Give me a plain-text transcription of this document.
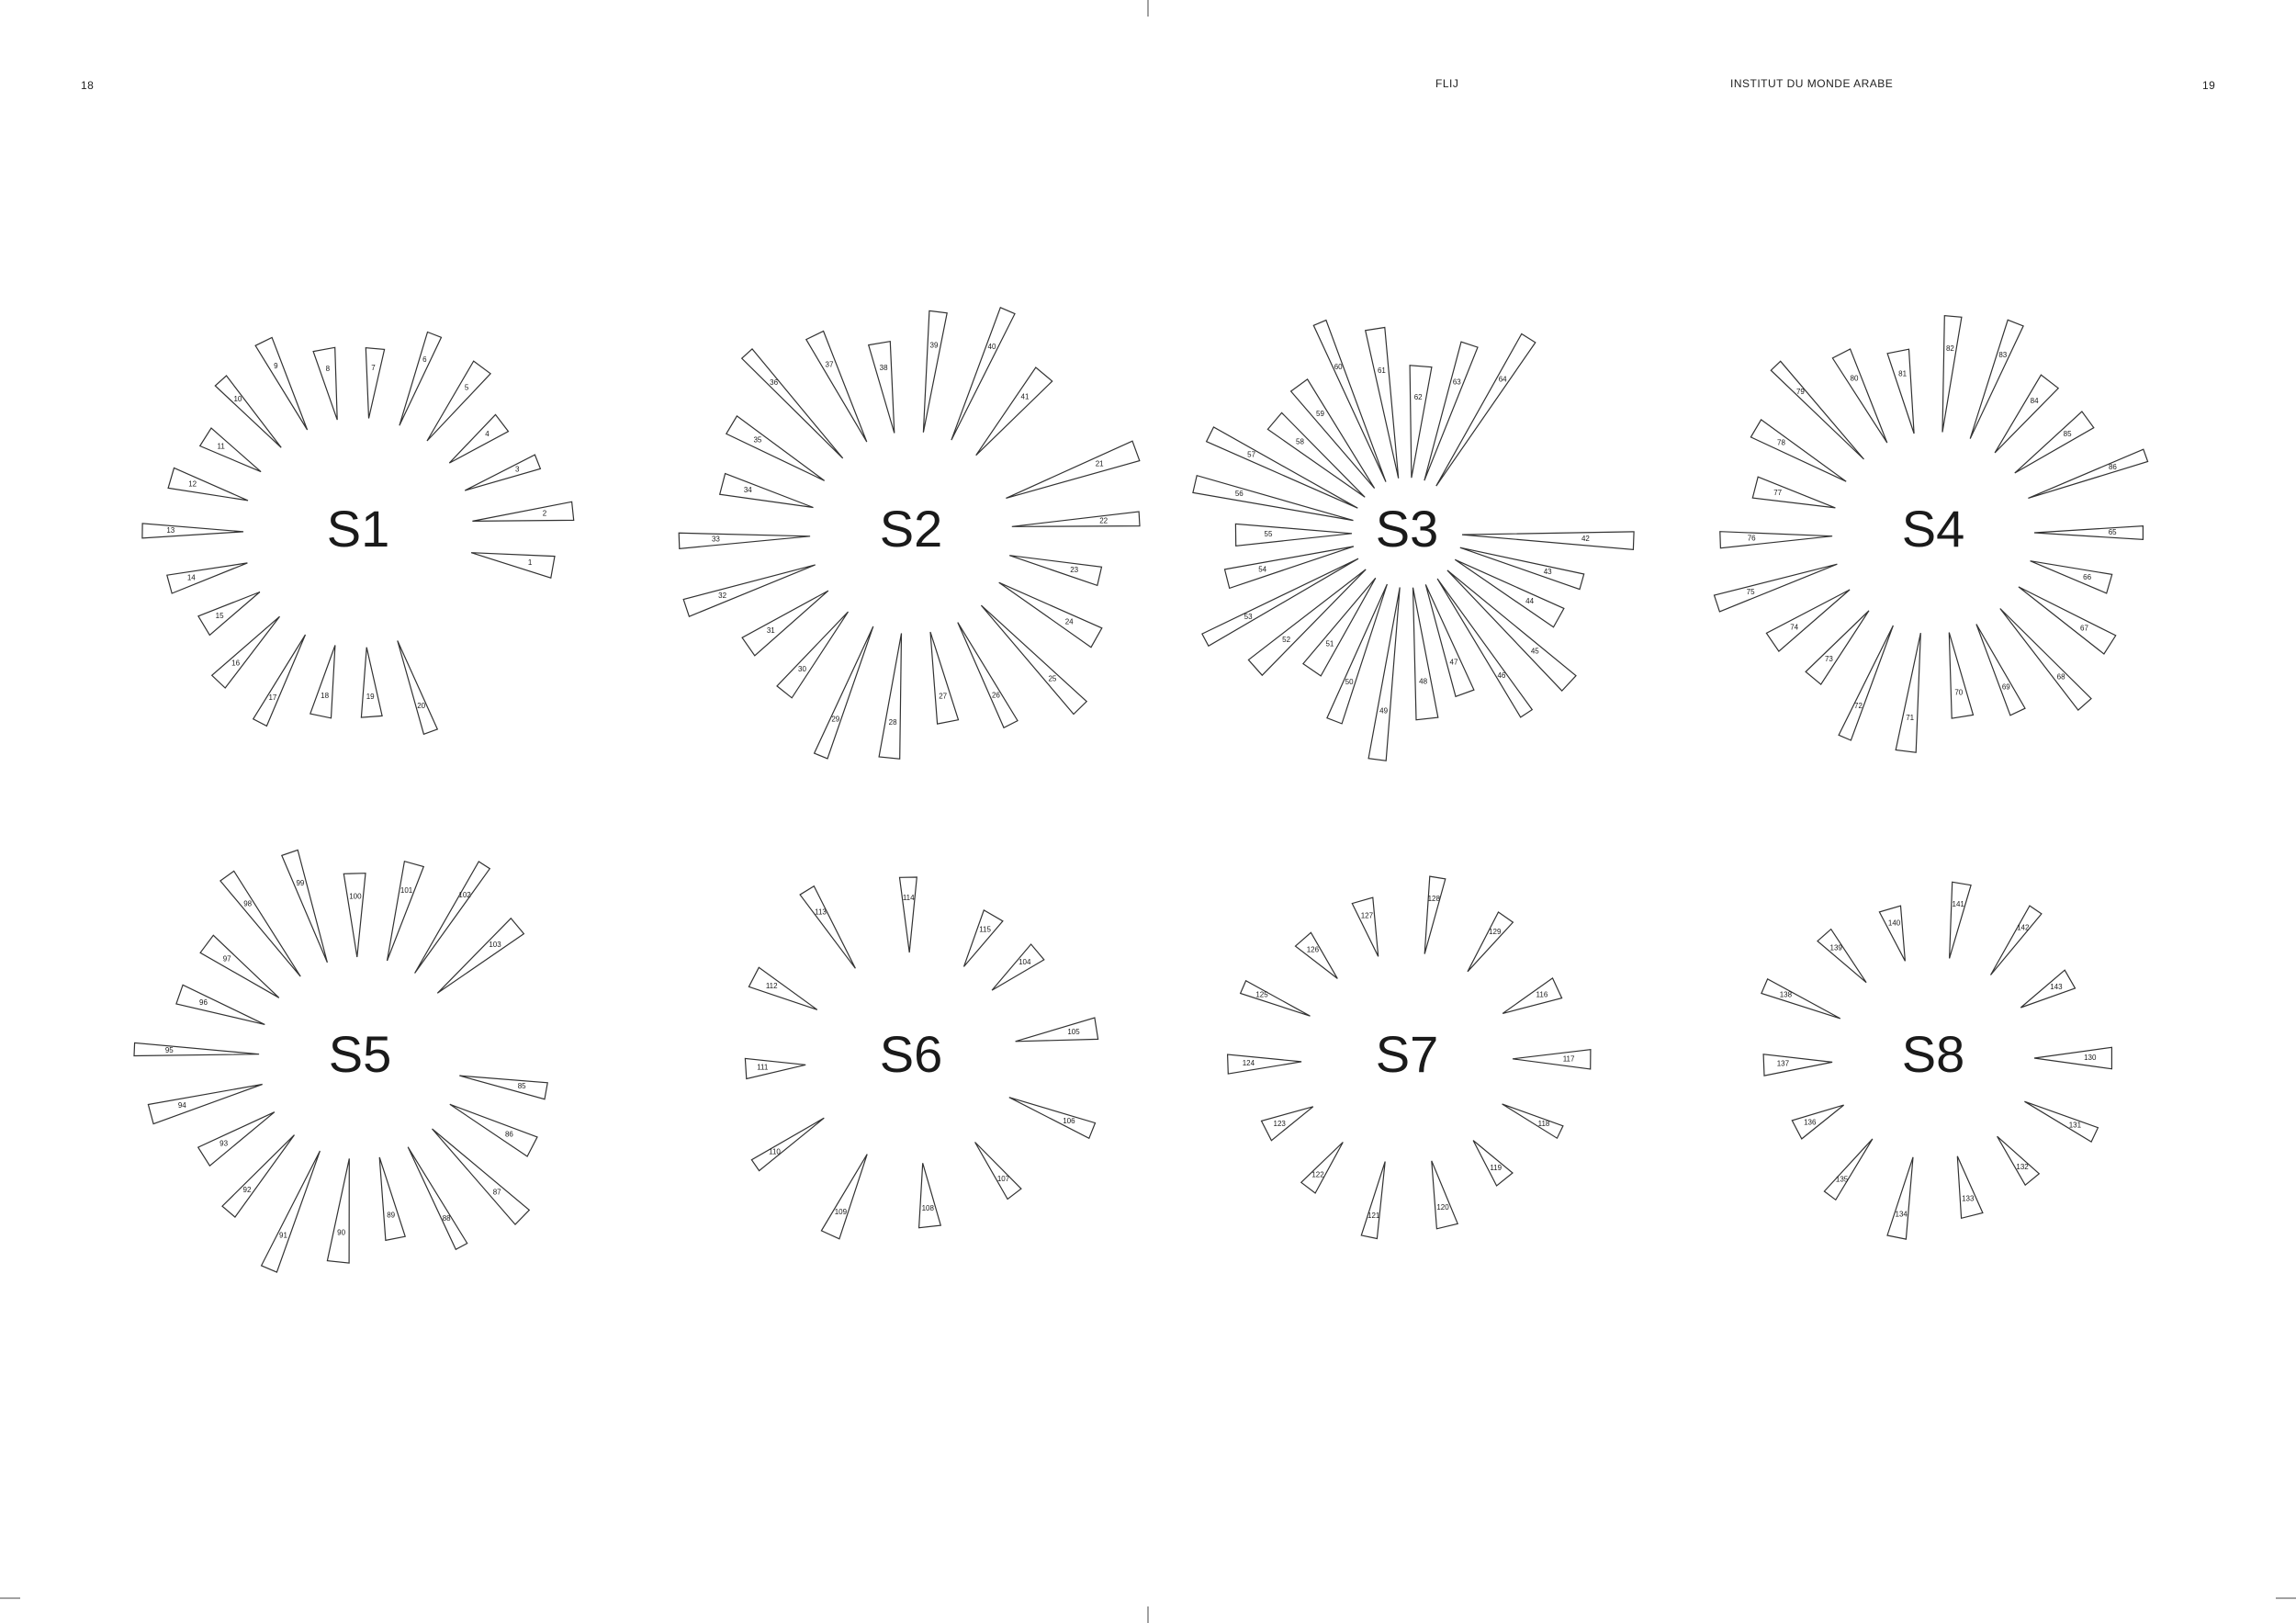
18	FLIJ	INSTITUT DU MONDE ARABE	19
S1
1
2
3
4
5
6
7
8
9
10
11
12
13
14
15
16
17	18	19
20
S2
21
22
23
24
25
26
27
28
29
30
31
32
33
34
35
36
37	38
39	40
41
S3	42
43
44
45
46
47
48
49
50
51
52
53
54
55
56
57
58
59
60	61
62
63	64
S4	65
66
67
68
69
70
71
72
73
74
75
76
77
78
79
80
81
82
83
84
85
86
S5
85
86
87
88
89
90
91
92
93
94
95
96
97
98
99
100
101
102
103
S6
104
105
106
107
108
109
110
111
112
113
114
115
S7
116
117
118
119
120
121
122
123
124
125
126
127
128
129
S8	130
131
132
133
134
135
136
137
138
139
140
141
142
143
